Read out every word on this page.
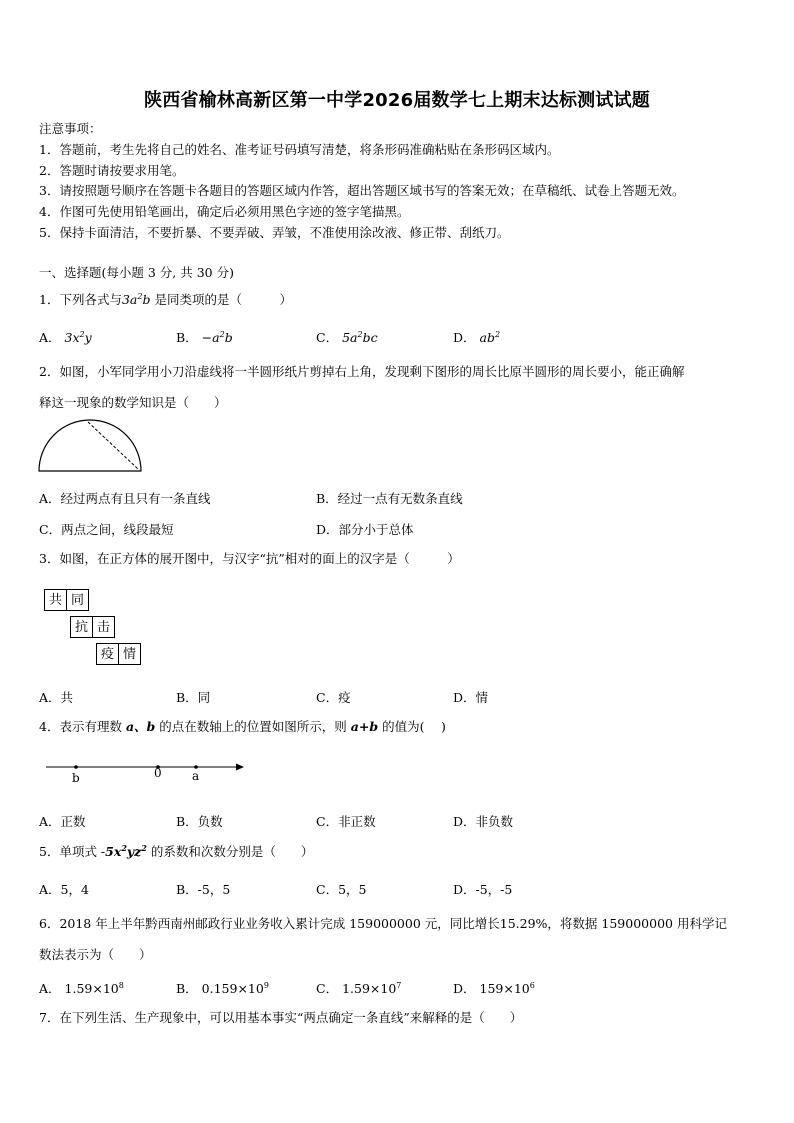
陕西省榆林高新区第一中学2026届数学七上期末达标测试试题
注意事项：
1．答题前，考生先将自己的姓名、准考证号码填写清楚，将条形码准确粘贴在条形码区域内。
2．答题时请按要求用笔。
3．请按照题号顺序在答题卡各题目的答题区域内作答，超出答题区域书写的答案无效；在草稿纸、试卷上答题无效。
4．作图可先使用铅笔画出，确定后必须用黑色字迹的签字笔描黑。
5．保持卡面清洁，不要折暴、不要弄破、弄皱，不准使用涂改液、修正带、刮纸刀。
一、选择题(每小题 3 分, 共 30 分)
1．下列各式与$3a^2b$ 是同类项的是（　　　）
A． $3x^2y$	B． $-a^2b$	C． $5a^2bc$	D． $ab^2$
2．如图，小军同学用小刀沿虚线将一半圆形纸片剪掉右上角，发现剩下图形的周长比原半圆形的周长要小，能正确解
释这一现象的数学知识是（　　）
A．经过两点有且只有一条直线	B．经过一点有无数条直线
C．两点之间，线段最短	D．部分小于总体
3．如图，在正方体的展开图中，与汉字“抗”相对的面上的汉字是（　　　）
共 同
抗 击
疫 情
A．共	B．同	C．疫	D．情
4．表示有理数 a、b 的点在数轴上的位置如图所示，则 a+b 的值为(　 )
b	0	a
A．正数	B．负数	C．非正数	D．非负数
5．单项式 $-5x^2yz^2$ 的系数和次数分别是（　　）
A．5，4	B．-5，5	C．5，5	D．-5，-5
6．2018 年上半年黔西南州邮政行业业务收入累计完成 159000000 元，同比增长15.29%，将数据 159000000 用科学记
数法表示为（　　）
A． $1.59\times 10^8$	B． $0.159\times 10^9$	C． $1.59\times 10^7$	D． $159\times 10^6$
7．在下列生活、生产现象中，可以用基本事实“两点确定一条直线”来解释的是（　　）
